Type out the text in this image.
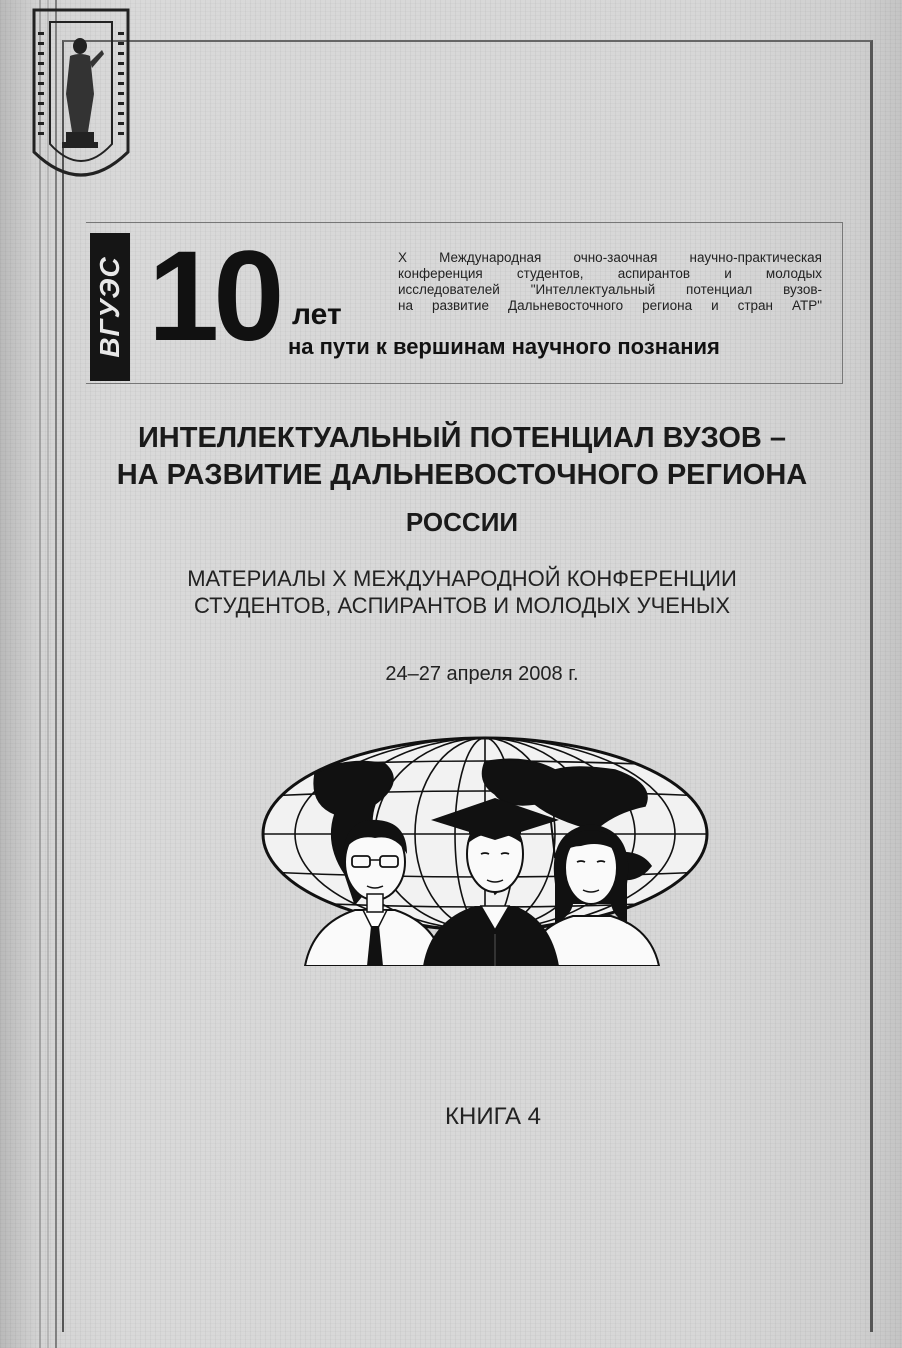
ВГУЭС 10 лет
на пути к вершинам научного познания
X Международная очно-заочная научно-практическая
конференция студентов, аспирантов и молодых
исследователей "Интеллектуальный потенциал вузов-
на развитие Дальневосточного региона и стран АТР"
ИНТЕЛЛЕКТУАЛЬНЫЙ ПОТЕНЦИАЛ ВУЗОВ –
НА РАЗВИТИЕ ДАЛЬНЕВОСТОЧНОГО РЕГИОНА
РОССИИ
МАТЕРИАЛЫ X МЕЖДУНАРОДНОЙ КОНФЕРЕНЦИИ
СТУДЕНТОВ, АСПИРАНТОВ И МОЛОДЫХ УЧЕНЫХ
24–27 апреля 2008 г.
КНИГА 4
